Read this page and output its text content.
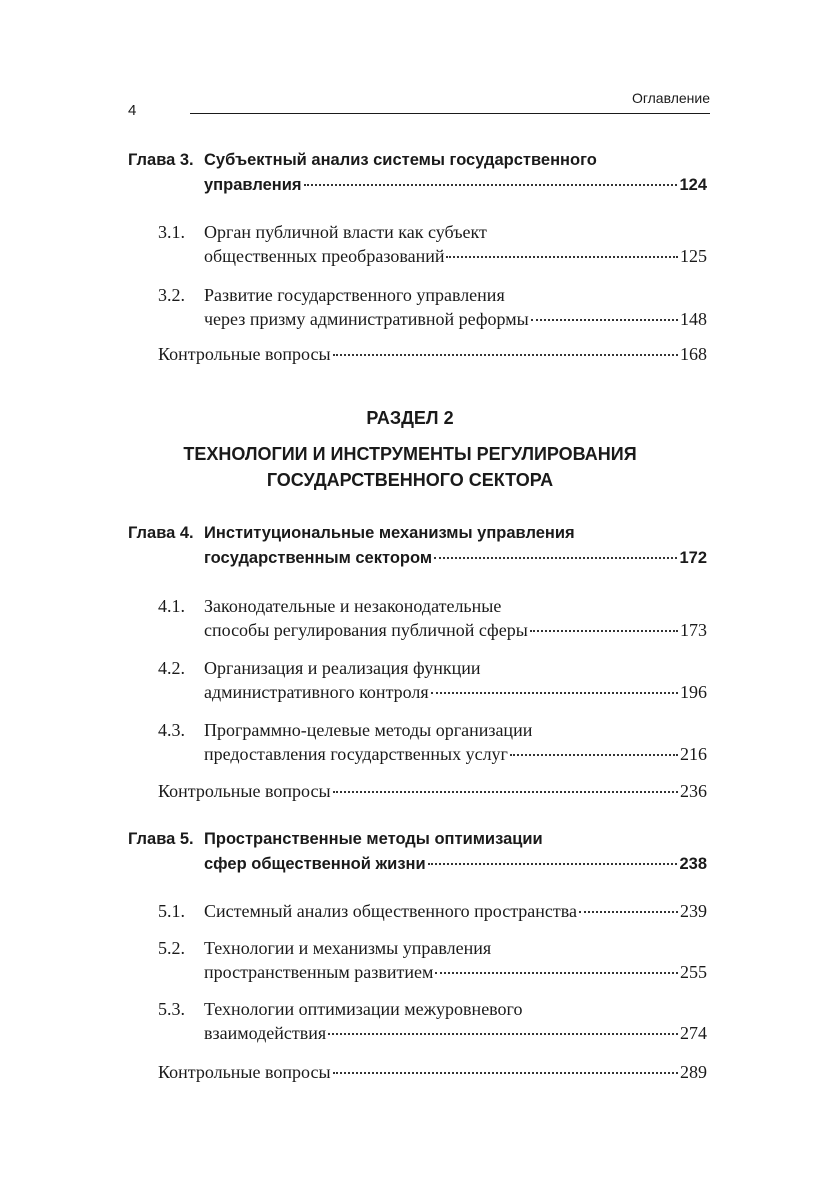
4
Оглавление
Глава 3. Субъектный анализ системы государственного
управления	124
3.1. Орган публичной власти как субъект
общественных преобразований	125
3.2. Развитие государственного управления
через призму административной реформы	148
Контрольные вопросы	168
РАЗДЕЛ 2
ТЕХНОЛОГИИ И ИНСТРУМЕНТЫ РЕГУЛИРОВАНИЯ
ГОСУДАРСТВЕННОГО СЕКТОРА
Глава 4. Институциональные механизмы управления
государственным сектором	172
4.1. Законодательные и незаконодательные
способы регулирования публичной сферы	173
4.2. Организация и реализация функции
административного контроля	196
4.3. Программно-целевые методы организации
предоставления государственных услуг	216
Контрольные вопросы	236
Глава 5. Пространственные методы оптимизации
сфер общественной жизни	238
5.1. Системный анализ общественного пространства	239
5.2. Технологии и механизмы управления
пространственным развитием	255
5.3. Технологии оптимизации межуровневого
взаимодействия	274
Контрольные вопросы	289
